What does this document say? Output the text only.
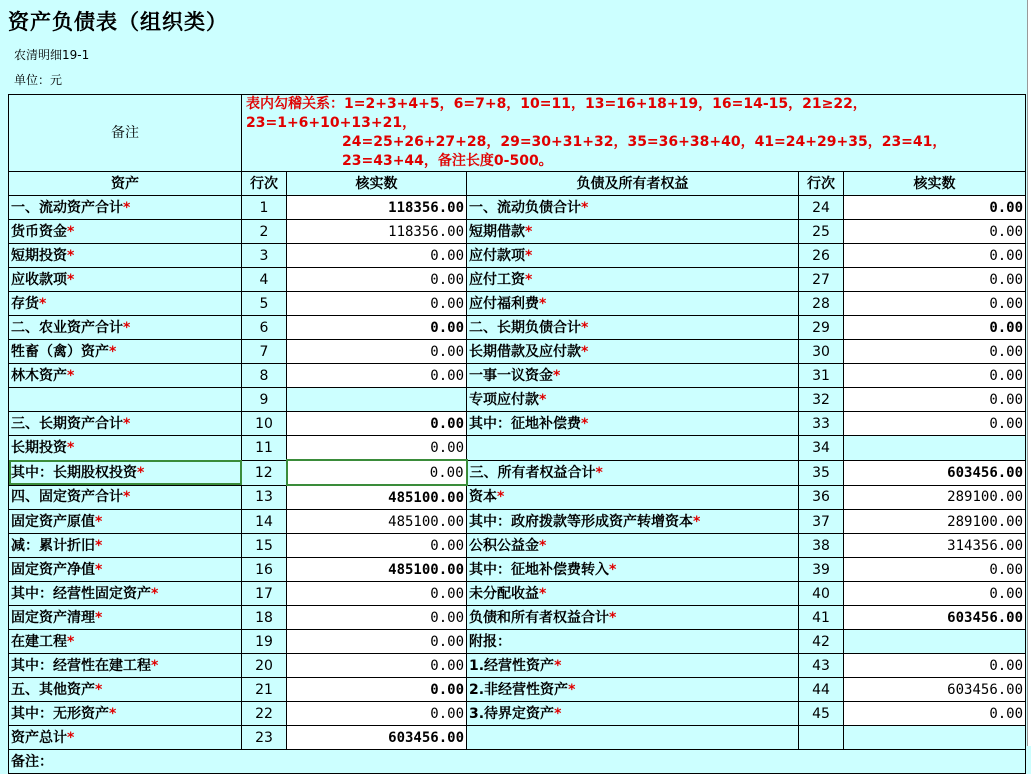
资产负债表（组织类）
农清明细19-1
单位：元
备注	表内勾稽关系：1=2+3+4+5，6=7+8，10=11，13=16+18+19，16=14-15，21≥22，23=1+6+10+13+21，
24=25+26+27+28，29=30+31+32，35=36+38+40，41=24+29+35，23=41，23=43+44，备注长度0-500。				

资产	行次	核实数	负债及所有者权益	行次	核实数
一、流动资产合计*	1	118356.00	一、流动负债合计*	24	0.00
货币资金*	2	118356.00	短期借款*	25	0.00
短期投资*	3	0.00	应付款项*	26	0.00
应收款项*	4	0.00	应付工资*	27	0.00
存货*	5	0.00	应付福利费*	28	0.00
二、农业资产合计*	6	0.00	二、长期负债合计*	29	0.00
牲畜（禽）资产*	7	0.00	长期借款及应付款*	30	0.00
林木资产*	8	0.00	一事一议资金*	31	0.00
	9		专项应付款*	32	0.00
三、长期资产合计*	10	0.00	其中：征地补偿费*	33	0.00
长期投资*	11	0.00		34	
其中：长期股权投资*	12	0.00	三、所有者权益合计*	35	603456.00
四、固定资产合计*	13	485100.00	资本*	36	289100.00
固定资产原值*	14	485100.00	其中：政府拨款等形成资产转增资本*	37	289100.00
减：累计折旧*	15	0.00	公积公益金*	38	314356.00
固定资产净值*	16	485100.00	其中：征地补偿费转入*	39	0.00
其中：经营性固定资产*	17	0.00	未分配收益*	40	0.00
固定资产清理*	18	0.00	负债和所有者权益合计*	41	603456.00
在建工程*	19	0.00	附报：	42	
其中：经营性在建工程*	20	0.00	1.经营性资产*	43	0.00
五、其他资产*	21	0.00	2.非经营性资产*	44	603456.00
其中：无形资产*	22	0.00	3.待界定资产*	45	0.00
资产总计*	23	603456.00			
备注：					
